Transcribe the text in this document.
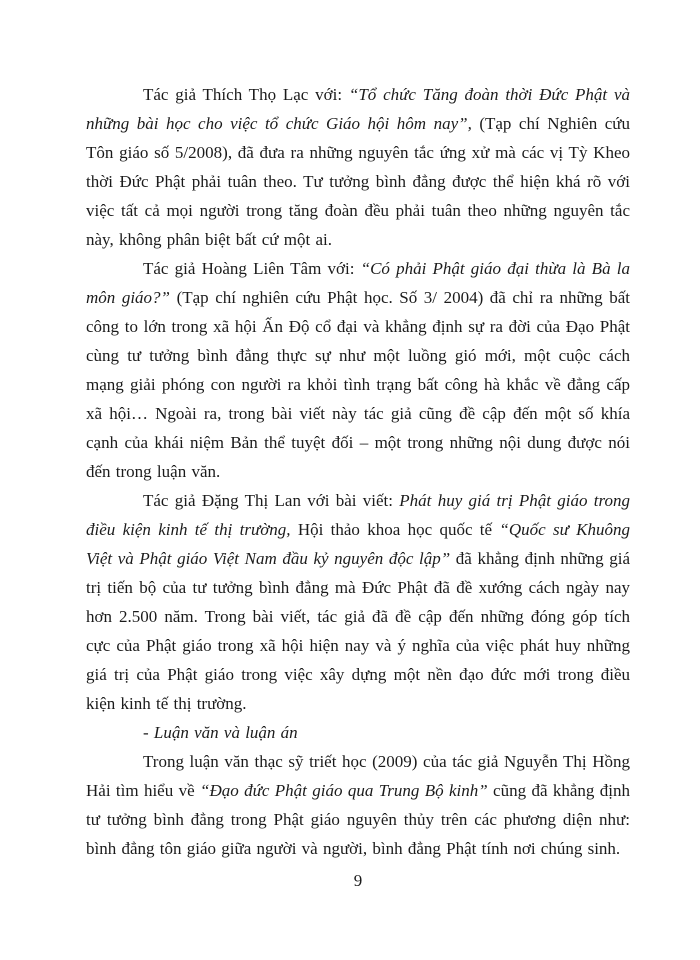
Tác giả Thích Thọ Lạc với: “Tổ chức Tăng đoàn thời Đức Phật và những bài học cho việc tổ chức Giáo hội hôm nay”, (Tạp chí Nghiên cứu Tôn giáo số 5/2008), đã đưa ra những nguyên tắc ứng xử mà các vị Tỳ Kheo thời Đức Phật phải tuân theo. Tư tưởng bình đẳng được thể hiện khá rõ với việc tất cả mọi người trong tăng đoàn đều phải tuân theo những nguyên tắc này, không phân biệt bất cứ một ai.

Tác giả Hoàng Liên Tâm với: “Có phải Phật giáo đại thừa là Bà la môn giáo?” (Tạp chí nghiên cứu Phật học. Số 3/ 2004) đã chỉ ra những bất công to lớn trong xã hội Ấn Độ cổ đại và khẳng định sự ra đời của Đạo Phật cùng tư tưởng bình đẳng thực sự như một luồng gió mới, một cuộc cách mạng giải phóng con người ra khỏi tình trạng bất công hà khắc về đẳng cấp xã hội… Ngoài ra, trong bài viết này tác giả cũng đề cập đến một số khía cạnh của khái niệm Bản thể tuyệt đối – một trong những nội dung được nói đến trong luận văn.

Tác giả Đặng Thị Lan với bài viết: Phát huy giá trị Phật giáo trong điều kiện kinh tế thị trường, Hội thảo khoa học quốc tế “Quốc sư Khuông Việt và Phật giáo Việt Nam đầu kỷ nguyên độc lập” đã khẳng định những giá trị tiến bộ của tư tưởng bình đẳng mà Đức Phật đã đề xướng cách ngày nay hơn 2.500 năm. Trong bài viết, tác giả đã đề cập đến những đóng góp tích cực của Phật giáo trong xã hội hiện nay và ý nghĩa của việc phát huy những giá trị của Phật giáo trong việc xây dựng một nền đạo đức mới trong điều kiện kinh tế thị trường.

- Luận văn và luận án

Trong luận văn thạc sỹ triết học (2009) của tác giả Nguyễn Thị Hồng Hải tìm hiểu về “Đạo đức Phật giáo qua Trung Bộ kinh” cũng đã khẳng định tư tưởng bình đẳng trong Phật giáo nguyên thủy trên các phương diện như: bình đẳng tôn giáo giữa người và người, bình đẳng Phật tính nơi chúng sinh.

9
